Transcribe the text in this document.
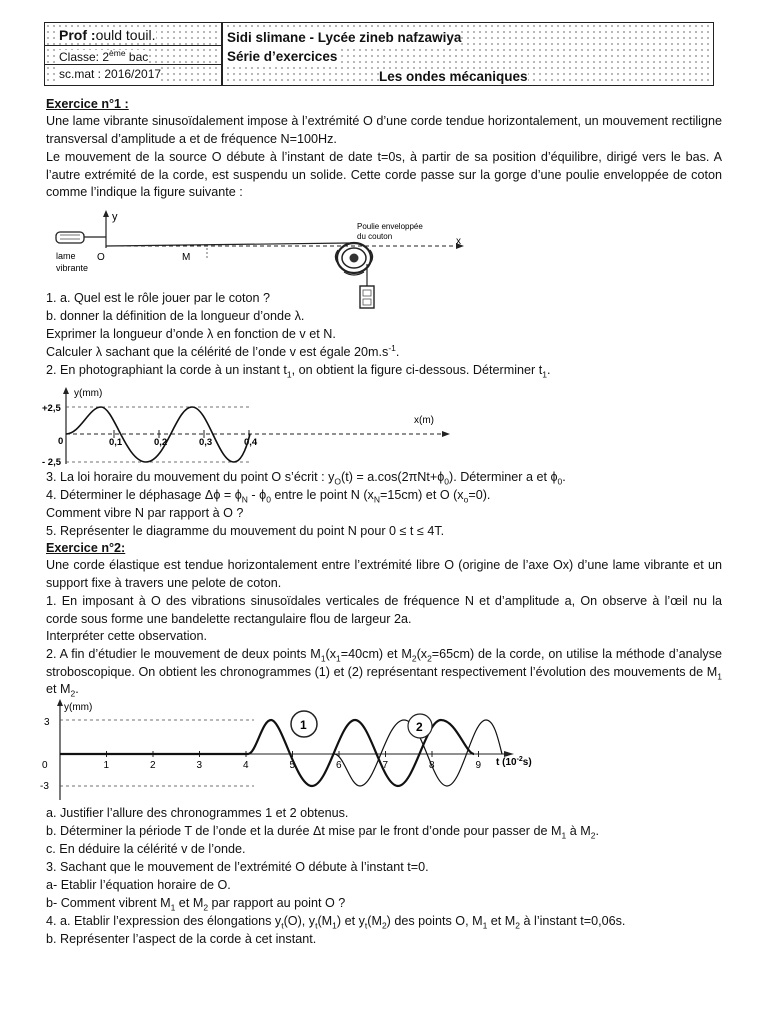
Prof :ould touil.
Classe: 2ème bac
sc.mat : 2016/2017
Sidi slimane - Lycée zineb nafzawiya
Série d’exercices
Les ondes mécaniques
Exercice n°1 :
Une lame vibrante sinusoïdalement impose à l’extrémité O d’une corde tendue horizontalement, un mouvement rectiligne transversal d’amplitude a et de fréquence N=100Hz.
Le mouvement de la source O débute à l’instant de date t=0s, à partir de sa position d’équilibre, dirigé vers le bas. A l’autre extrémité de la corde, est suspendu un solide. Cette corde passe sur la gorge d’une poulie enveloppée de coton comme l’indique la figure suivante :
y
x
lame
vibrante
O	M
Poulie enveloppée
du couton
1. a. Quel est le rôle jouer par le coton ?
b. donner la définition de la longueur d’onde λ.
Exprimer la longueur d’onde λ en fonction de v et N.
Calculer λ sachant que la célérité de l’onde v est égale $20m.s^{-1}$.
2. En photographiant la corde à un instant $t_1$, on obtient la figure ci-dessous. Déterminer $t_1$.
y(mm)
x(m)
+2,5
0
- 2,5
0,1	0,2	0,3	0,4
3. La loi horaire du mouvement du point O s’écrit : $y_O(t) = a.\cos(2\pi Nt+\phi_0)$. Déterminer a et $\phi_0$.
4. Déterminer le déphasage $\Delta\phi = \phi_N - \phi_0$ entre le point N $(x_N=15cm)$ et O $(x_o=0)$.
Comment vibre N par rapport à O ?
5. Représenter le diagramme du mouvement du point N pour 0 ≤ t ≤ 4T.
Exercice n°2:
Une corde élastique est tendue horizontalement entre l’extrémité libre O (origine de l’axe Ox) d’une lame vibrante et un support fixe à travers une pelote de coton.
1. En imposant à O des vibrations sinusoïdales verticales de fréquence N et d’amplitude a, On observe à l’œil nu la corde sous forme une bandelette rectangulaire flou de largeur 2a.
Interpréter cette observation.
2. A fin d’étudier le mouvement de deux points $M_1(x_1=40cm)$ et $M_2(x_2=65cm)$ de la corde, on utilise la méthode d’analyse stroboscopique. On obtient les chronogrammes (1) et (2) représentant respectivement l’évolution des mouvements de $M_1$ et $M_2$.
y(mm)
3
-3
0	1	2	3	4	5	6	7	8	9 t $(10^{-2}s)$
1	2
a. Justifier l’allure des chronogrammes 1 et 2 obtenus.
b. Déterminer la période T de l’onde et la durée Δt mise par le front d’onde pour passer de $M_1$ à $M_2$.
c. En déduire la célérité v de l’onde.
3. Sachant que le mouvement de l’extrémité O débute à l’instant t=0.
a- Etablir l’équation horaire de O.
b- Comment vibrent $M_1$ et $M_2$ par rapport au point O ?
4. a. Etablir l’expression des élongations $y_t(O)$, $y_t(M_1)$ et $y_t(M_2)$ des points O, $M_1$ et $M_2$ à l’instant t=0,06s.
b. Représenter l’aspect de la corde à cet instant.
